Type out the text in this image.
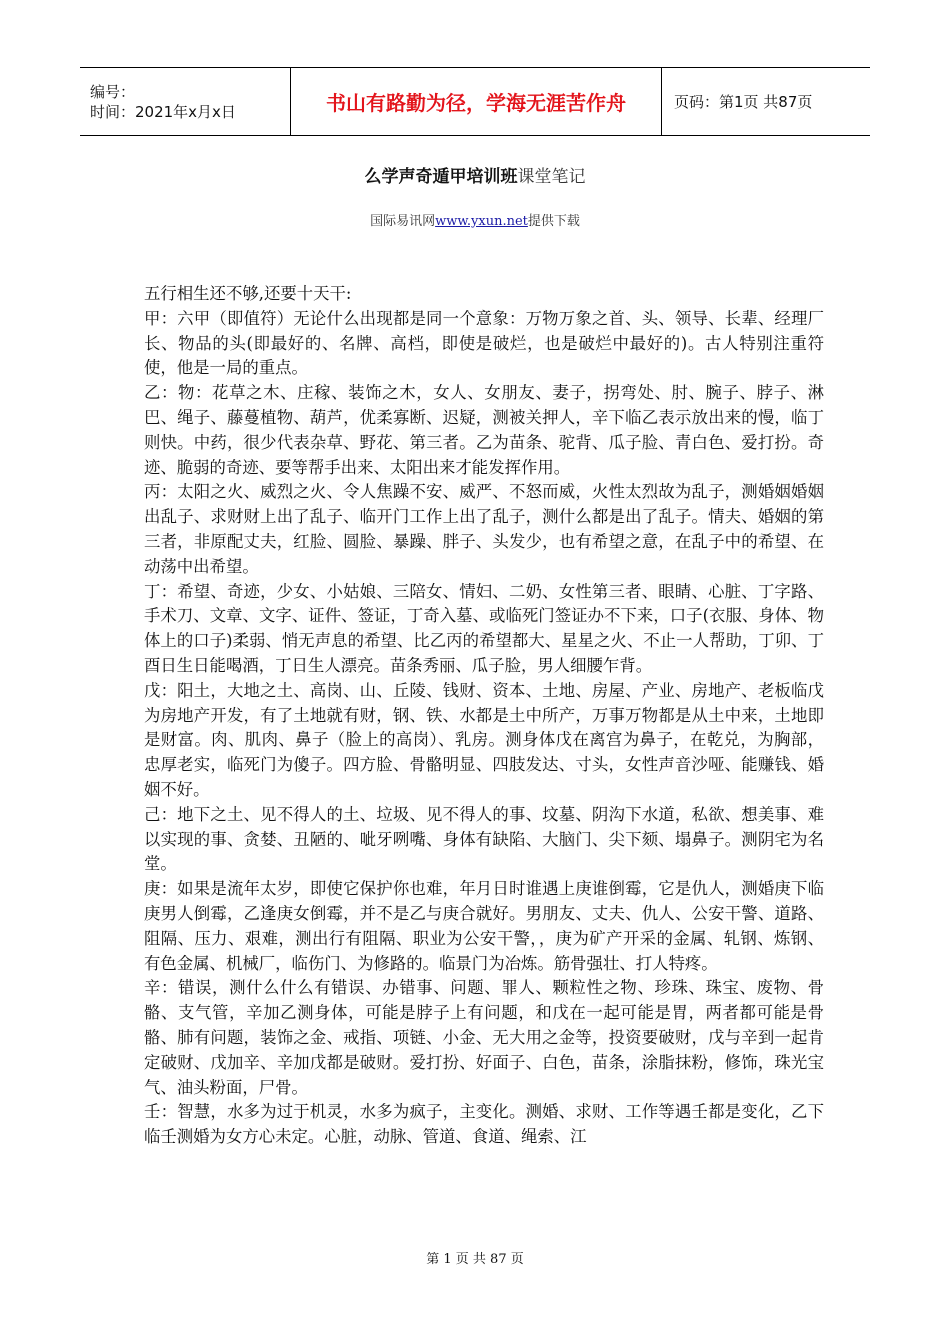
编号：
时间：2021年x月x日	书山有路勤为径，学海无涯苦作舟	页码：第1页 共87页
么学声奇遁甲培训班课堂笔记
国际易讯网www.yxun.net提供下载

五行相生还不够,还要十天干:

甲：六甲（即值符）无论什么出现都是同一个意象：万物万象之首、头、领导、长辈、经理厂长、物品的头(即最好的、名牌、高档，即使是破烂，也是破烂中最好的)。古人特别注重符使，他是一局的重点。

乙：物：花草之木、庄稼、装饰之木，女人、女朋友、妻子，拐弯处、肘、腕子、脖子、淋巴、绳子、藤蔓植物、葫芦，优柔寡断、迟疑，测被关押人，辛下临乙表示放出来的慢，临丁则快。中药，很少代表杂草、野花、第三者。乙为苗条、驼背、瓜子脸、青白色、爱打扮。奇迹、脆弱的奇迹、要等帮手出来、太阳出来才能发挥作用。

丙：太阳之火、威烈之火、令人焦躁不安、威严、不怒而威，火性太烈故为乱子，测婚姻婚姻出乱子、求财财上出了乱子、临开门工作上出了乱子，测什么都是出了乱子。情夫、婚姻的第三者，非原配丈夫，红脸、圆脸、暴躁、胖子、头发少，也有希望之意，在乱子中的希望、在动荡中出希望。

丁：希望、奇迹，少女、小姑娘、三陪女、情妇、二奶、女性第三者、眼睛、心脏、丁字路、手术刀、文章、文字、证件、签证，丁奇入墓、或临死门签证办不下来，口子(衣服、身体、物体上的口子)柔弱、悄无声息的希望、比乙丙的希望都大、星星之火、不止一人帮助，丁卯、丁酉日生日能喝酒，丁日生人漂亮。苗条秀丽、瓜子脸，男人细腰乍背。

戊：阳土，大地之土、高岗、山、丘陵、钱财、资本、土地、房屋、产业、房地产、老板临戊为房地产开发，有了土地就有财，钢、铁、水都是土中所产，万事万物都是从土中来，土地即是财富。肉、肌肉、鼻子（脸上的高岗）、乳房。测身体戊在离宫为鼻子，在乾兑，为胸部，忠厚老实，临死门为傻子。四方脸、骨骼明显、四肢发达、寸头，女性声音沙哑、能赚钱、婚姻不好。

己：地下之土、见不得人的土、垃圾、见不得人的事、坟墓、阴沟下水道，私欲、想美事、难以实现的事、贪婪、丑陋的、呲牙咧嘴、身体有缺陷、大脑门、尖下颏、塌鼻子。测阴宅为名堂。

庚：如果是流年太岁，即使它保护你也难，年月日时谁遇上庚谁倒霉，它是仇人，测婚庚下临庚男人倒霉，乙逢庚女倒霉，并不是乙与庚合就好。男朋友、丈夫、仇人、公安干警、道路、阻隔、压力、艰难，测出行有阻隔、职业为公安干警，，庚为矿产开采的金属、轧钢、炼钢、有色金属、机械厂，临伤门、为修路的。临景门为冶炼。筋骨强壮、打人特疼。

辛：错误，测什么什么有错误、办错事、问题、罪人、颗粒性之物、珍珠、珠宝、废物、骨骼、支气管，辛加乙测身体，可能是脖子上有问题，和戊在一起可能是胃，两者都可能是骨骼、肺有问题，装饰之金、戒指、项链、小金、无大用之金等，投资要破财，戊与辛到一起肯定破财、戊加辛、辛加戊都是破财。爱打扮、好面子、白色，苗条，涂脂抹粉，修饰，珠光宝气、油头粉面，尸骨。

壬：智慧，水多为过于机灵，水多为疯子，主变化。测婚、求财、工作等遇壬都是变化，乙下临壬测婚为女方心未定。心脏，动脉、管道、食道、绳索、江

第 1 页 共 87 页
